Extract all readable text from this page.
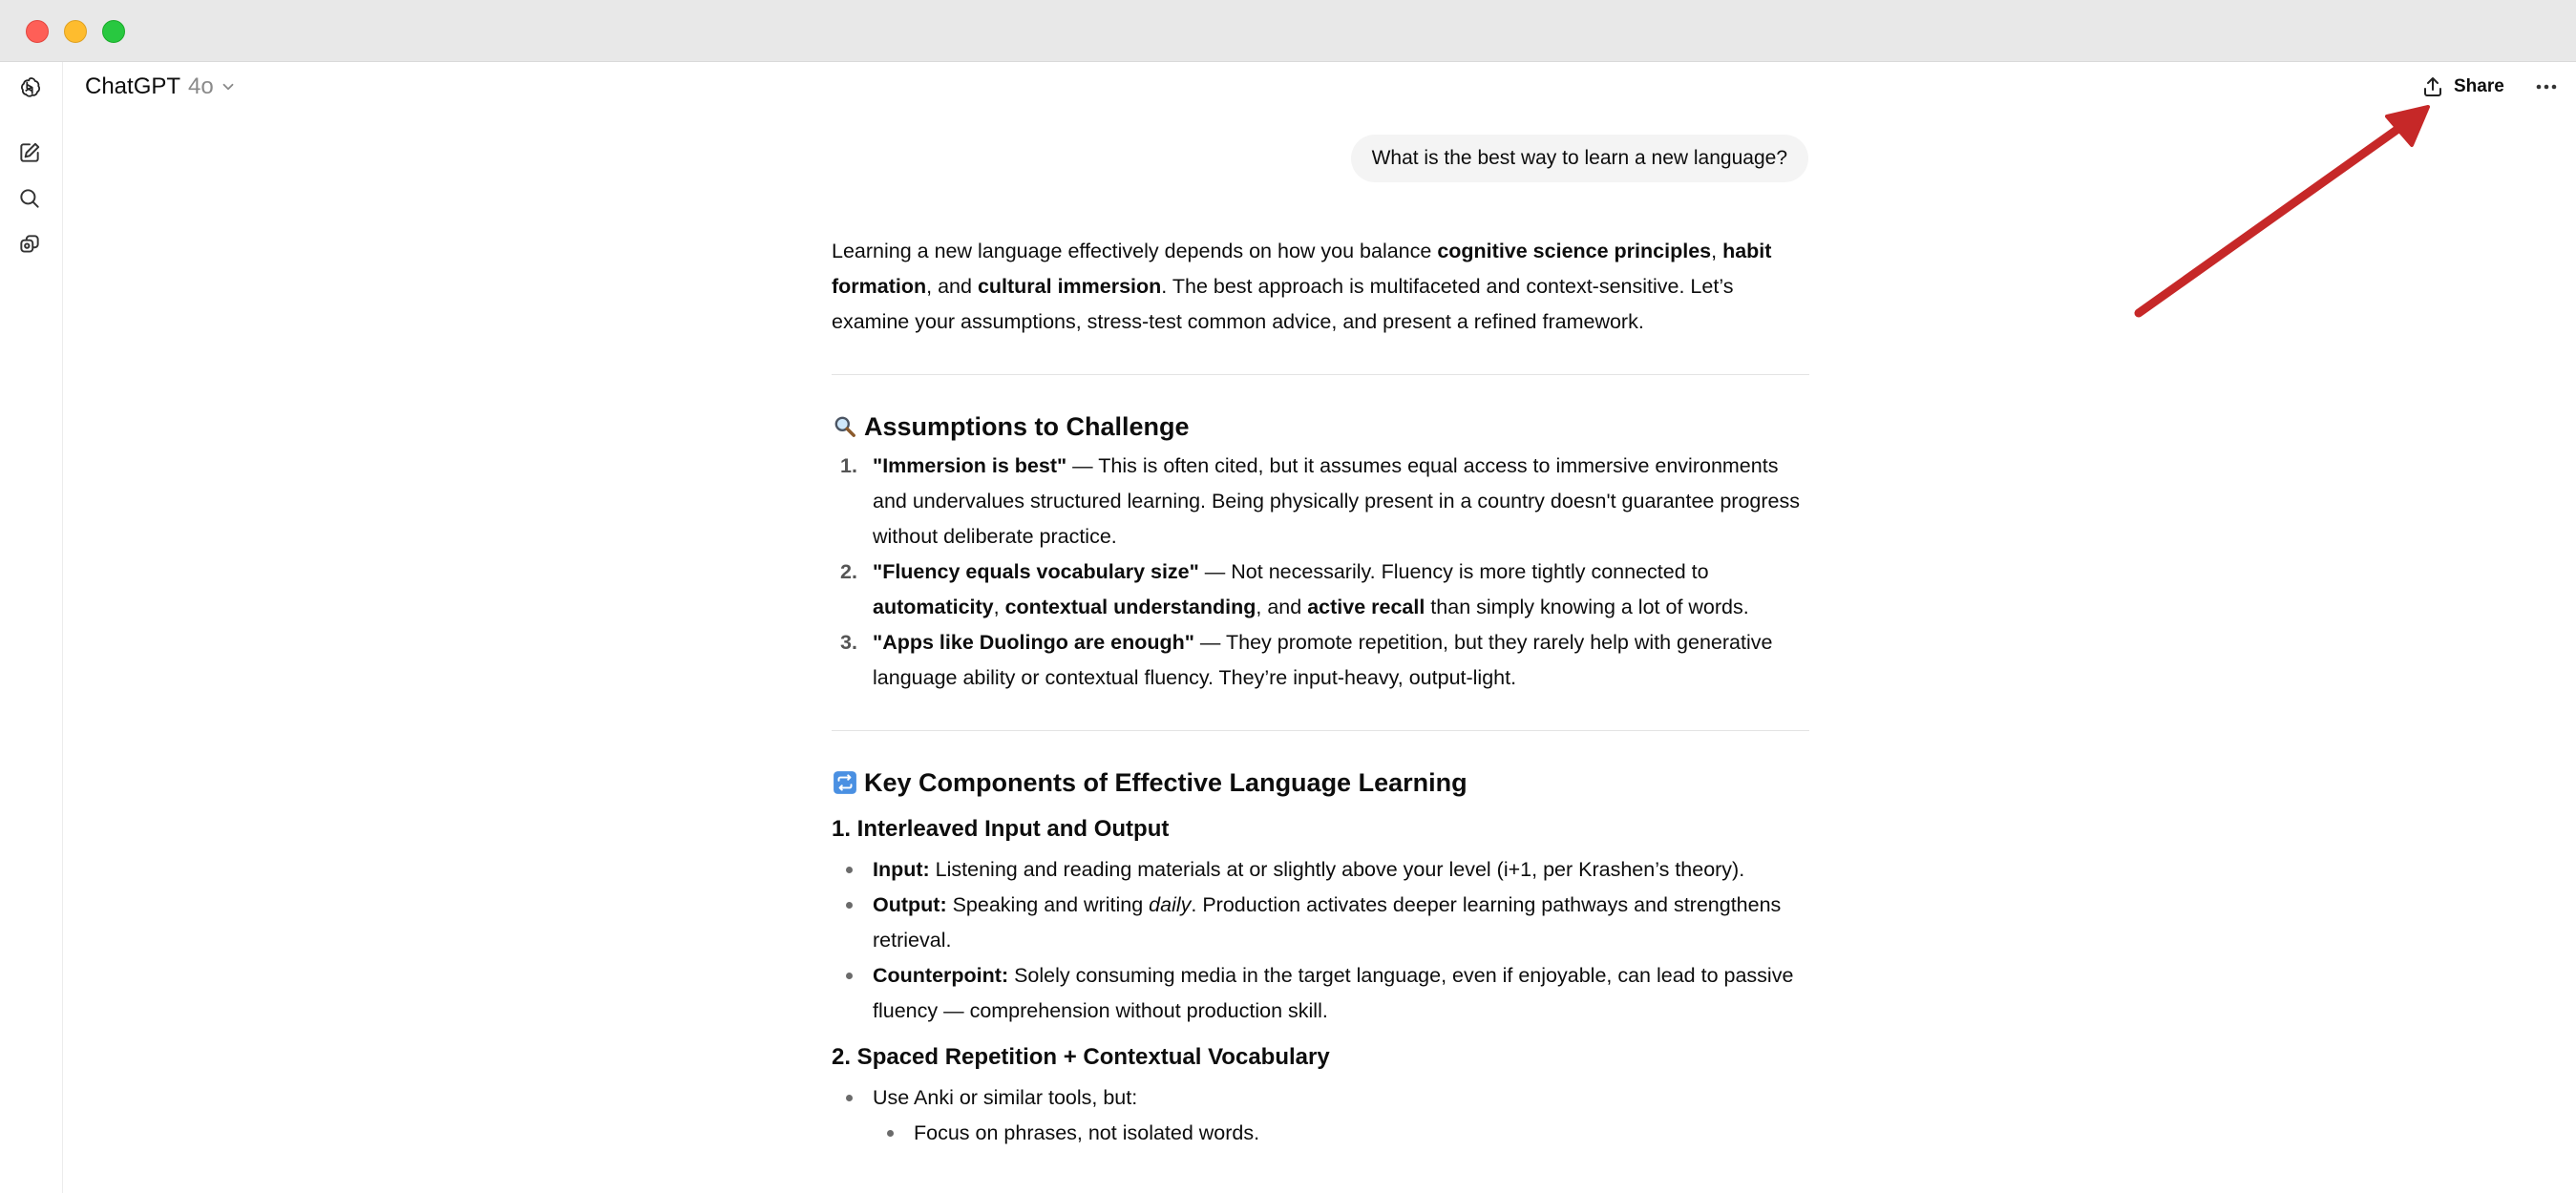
ChatGPT 4o	Share
What is the best way to learn a new language?

Learning a new language effectively depends on how you balance cognitive science principles, habit formation, and cultural immersion. The best approach is multifaceted and context-sensitive. Let’s examine your assumptions, stress-test common advice, and present a refined framework.

Assumptions to Challenge
1. "Immersion is best" — This is often cited, but it assumes equal access to immersive environments and undervalues structured learning. Being physically present in a country doesn't guarantee progress without deliberate practice.
2. "Fluency equals vocabulary size" — Not necessarily. Fluency is more tightly connected to automaticity, contextual understanding, and active recall than simply knowing a lot of words.
3. "Apps like Duolingo are enough" — They promote repetition, but they rarely help with generative language ability or contextual fluency. They’re input-heavy, output-light.
Key Components of Effective Language Learning
1. Interleaved Input and Output
Input: Listening and reading materials at or slightly above your level (i+1, per Krashen’s theory).
Output: Speaking and writing daily. Production activates deeper learning pathways and strengthens retrieval.
Counterpoint: Solely consuming media in the target language, even if enjoyable, can lead to passive fluency — comprehension without production skill.
2. Spaced Repetition + Contextual Vocabulary
Use Anki or similar tools, but:
Focus on phrases, not isolated words.
